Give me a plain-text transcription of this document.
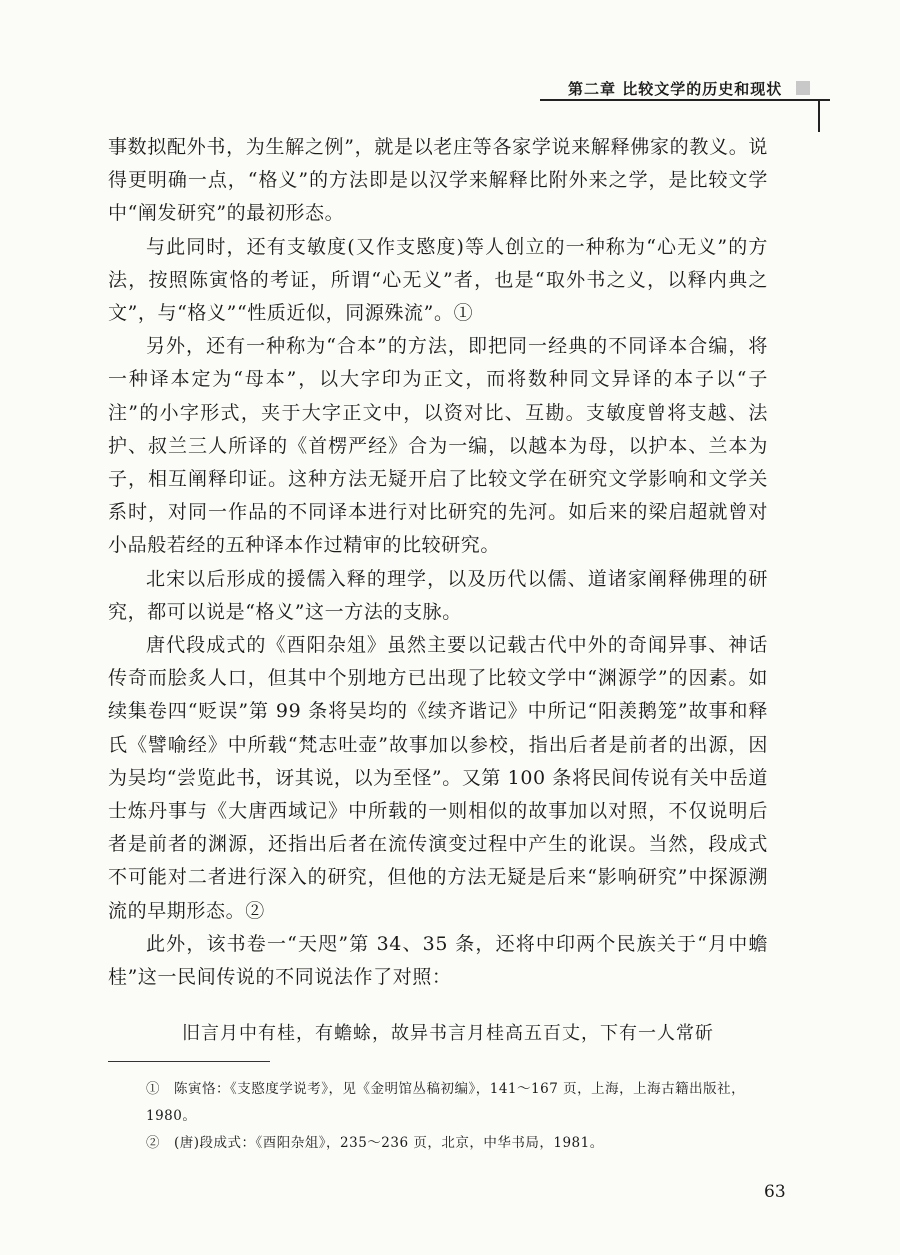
第二章 比较文学的历史和现状

事数拟配外书，为生解之例”，就是以老庄等各家学说来解释佛家的教义。说得更明确一点，“格义”的方法即是以汉学来解释比附外来之学，是比较文学中“阐发研究”的最初形态。

与此同时，还有支敏度(又作支愍度)等人创立的一种称为“心无义”的方法，按照陈寅恪的考证，所谓“心无义”者，也是“取外书之义，以释内典之文”，与“格义”“性质近似，同源殊流”。①

另外，还有一种称为“合本”的方法，即把同一经典的不同译本合编，将一种译本定为“母本”，以大字印为正文，而将数种同文异译的本子以“子注”的小字形式，夹于大字正文中，以资对比、互勘。支敏度曾将支越、法护、叔兰三人所译的《首楞严经》合为一编，以越本为母，以护本、兰本为子，相互阐释印证。这种方法无疑开启了比较文学在研究文学影响和文学关系时，对同一作品的不同译本进行对比研究的先河。如后来的梁启超就曾对小品般若经的五种译本作过精审的比较研究。

北宋以后形成的援儒入释的理学，以及历代以儒、道诸家阐释佛理的研究，都可以说是“格义”这一方法的支脉。

唐代段成式的《酉阳杂俎》虽然主要以记载古代中外的奇闻异事、神话传奇而脍炙人口，但其中个别地方已出现了比较文学中“渊源学”的因素。如续集卷四“贬误”第 99 条将吴均的《续齐谐记》中所记“阳羡鹅笼”故事和释氏《譬喻经》中所载“梵志吐壶”故事加以参校，指出后者是前者的出源，因为吴均“尝览此书，讶其说，以为至怪”。又第 100 条将民间传说有关中岳道士炼丹事与《大唐西域记》中所载的一则相似的故事加以对照，不仅说明后者是前者的渊源，还指出后者在流传演变过程中产生的讹误。当然，段成式不可能对二者进行深入的研究，但他的方法无疑是后来“影响研究”中探源溯流的早期形态。②

此外，该书卷一“天咫”第 34、35 条，还将中印两个民族关于“月中蟾桂”这一民间传说的不同说法作了对照：

旧言月中有桂，有蟾蜍，故异书言月桂高五百丈，下有一人常斫

①　陈寅恪：《支愍度学说考》，见《金明馆丛稿初编》，141～167 页，上海，上海古籍出版社，1980。

②　(唐)段成式：《酉阳杂俎》，235～236 页，北京，中华书局，1981。

63
